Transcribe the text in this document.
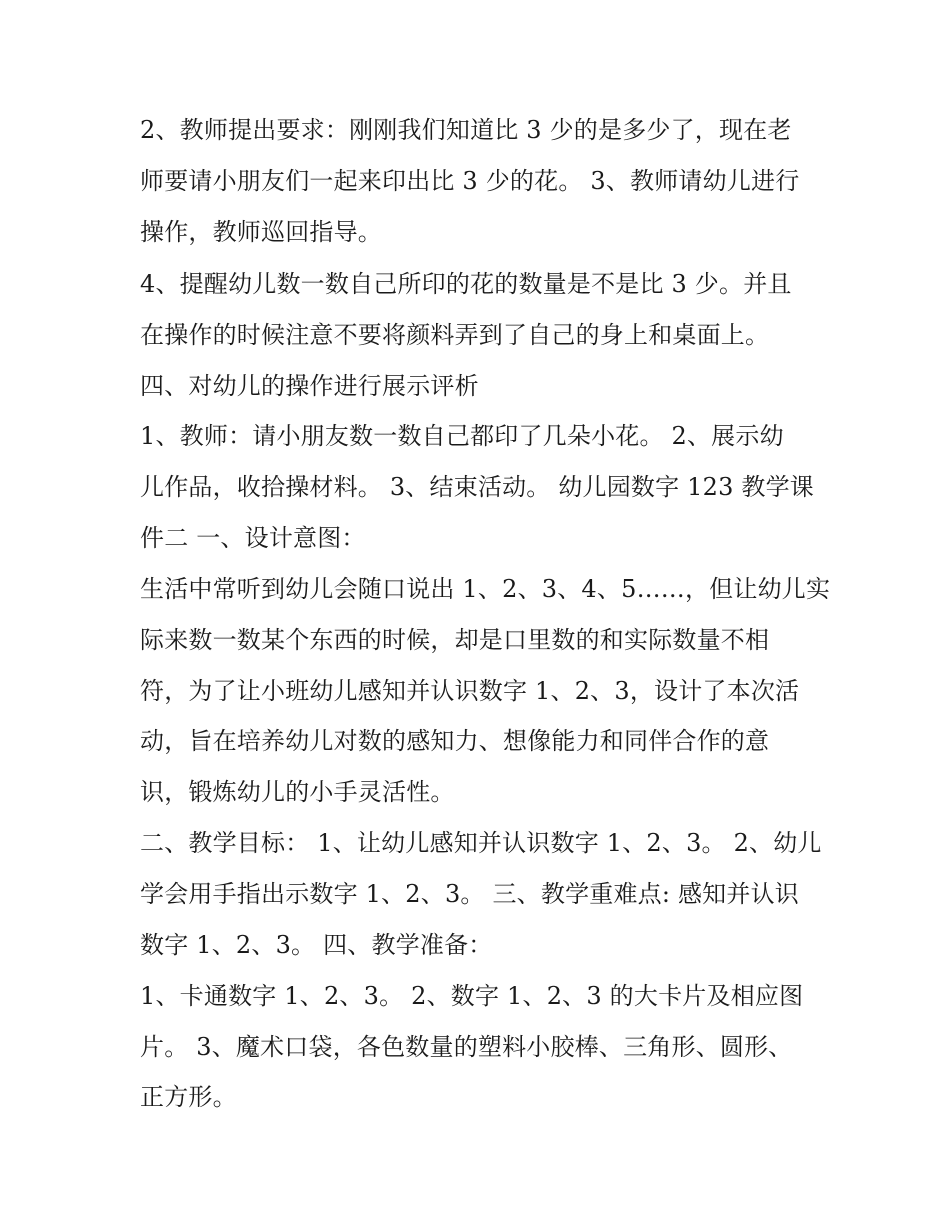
2、教师提出要求：刚刚我们知道比 3 少的是多少了，现在老
师要请小朋友们一起来印出比 3 少的花。 3、教师请幼儿进行
操作，教师巡回指导。
4、提醒幼儿数一数自己所印的花的数量是不是比 3 少。并且
在操作的时候注意不要将颜料弄到了自己的身上和桌面上。
四、对幼儿的操作进行展示评析
1、教师：请小朋友数一数自己都印了几朵小花。 2、展示幼
儿作品，收拾操材料。 3、结束活动。 幼儿园数字 123 教学课
件二 一、设计意图：
生活中常听到幼儿会随口说出 1、2、3、4、5……，但让幼儿实
际来数一数某个东西的时候，却是口里数的和实际数量不相
符，为了让小班幼儿感知并认识数字 1、2、3，设计了本次活
动，旨在培养幼儿对数的感知力、想像能力和同伴合作的意
识，锻炼幼儿的小手灵活性。
二、教学目标： 1、让幼儿感知并认识数字 1、2、3。 2、幼儿
学会用手指出示数字 1、2、3。 三、教学重难点: 感知并认识
数字 1、2、3。 四、教学准备：
1、卡通数字 1、2、3。 2、数字 1、2、3 的大卡片及相应图
片。 3、魔术口袋，各色数量的塑料小胶棒、三角形、圆形、
正方形。
